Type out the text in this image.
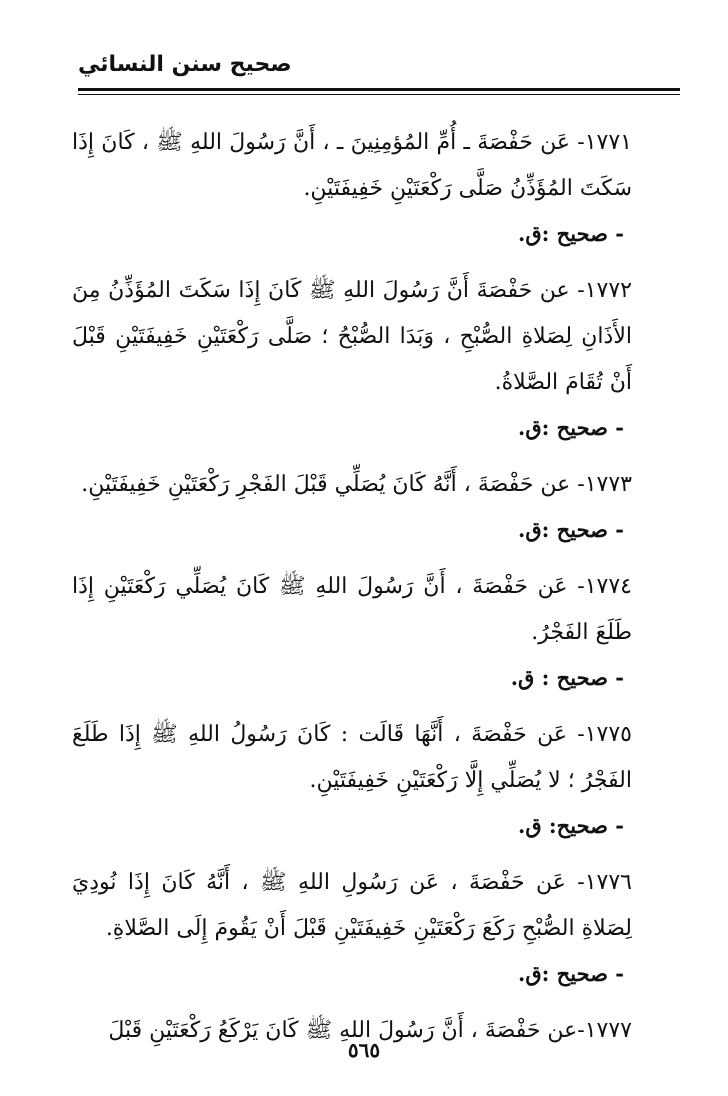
صحيح سنن النسائي

١٧٧١- عَن حَفْصَةَ ـ أُمِّ المُؤمِنِينَ ـ ، أَنَّ رَسُولَ اللهِ ﷺ ، كَانَ إِذَا سَكَتَ المُؤَذِّنُ صَلَّى رَكْعَتَيْنِ خَفِيفَتَيْنِ.

- صحيح :ق.

١٧٧٢- عن حَفْصَةَ أَنَّ رَسُولَ اللهِ ﷺ كَانَ إِذَا سَكَتَ المُؤَذِّنُ مِنَ الأَذَانِ لِصَلاةِ الصُّبْحِ ، وَبَدَا الصُّبْحُ ؛ صَلَّى رَكْعَتَيْنِ خَفِيفَتَيْنِ قَبْلَ أَنْ تُقَامَ الصَّلاةُ.

- صحيح :ق.

١٧٧٣- عن حَفْصَةَ ، أَنَّهُ كَانَ يُصَلِّي قَبْلَ الفَجْرِ رَكْعَتَيْنِ خَفِيفَتَيْنِ.

- صحيح :ق.

١٧٧٤- عَن حَفْصَةَ ، أَنَّ رَسُولَ اللهِ ﷺ كَانَ يُصَلِّي رَكْعَتَيْنِ إِذَا طَلَعَ الفَجْرُ.

- صحيح : ق.

١٧٧٥- عَن حَفْصَةَ ، أَنَّهَا قَالَت : كَانَ رَسُولُ اللهِ ﷺ إِذَا طَلَعَ الفَجْرُ ؛ لا يُصَلِّي إِلَّا رَكْعَتَيْنِ خَفِيفَتَيْنِ.

- صحيح: ق.

١٧٧٦- عَن حَفْصَةَ ، عَن رَسُولِ اللهِ ﷺ ، أَنَّهُ كَانَ إِذَا نُودِيَ لِصَلاةِ الصُّبْحِ رَكَعَ رَكْعَتَيْنِ خَفِيفَتَيْنِ قَبْلَ أَنْ يَقُومَ إِلَى الصَّلاةِ.

- صحيح :ق.

١٧٧٧-عن حَفْصَةَ ، أَنَّ رَسُولَ اللهِ ﷺ كَانَ يَرْكَعُ رَكْعَتَيْنِ قَبْلَ

٥٦٥
